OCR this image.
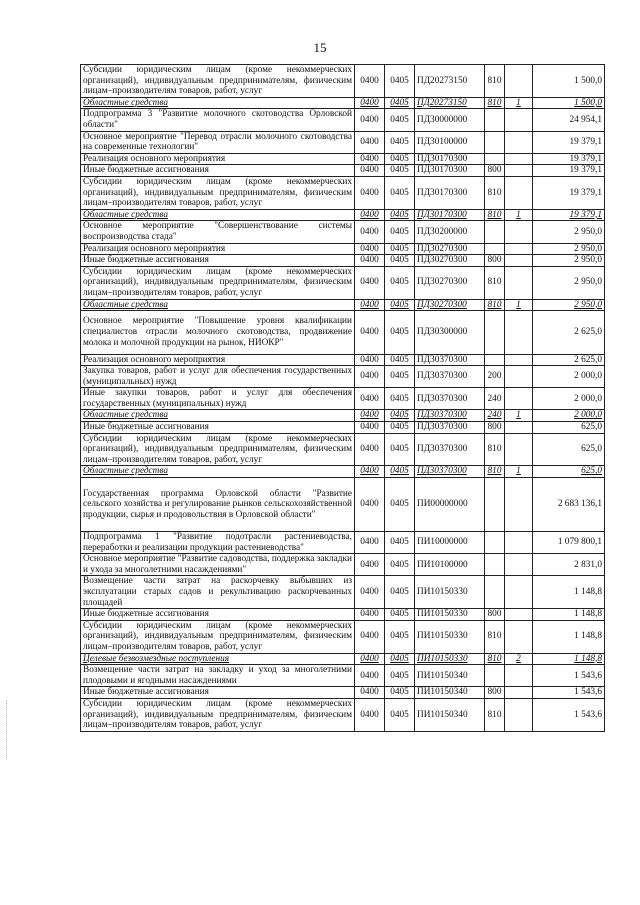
15
Субсидии юридическим лицам (кроме некоммерческих организаций), индивидуальным предпринимателям, физическим лицам–производителям товаров, работ, услуг	0400	0405	ПД20273150	810		1 500,0
Областные средства	0400	0405	ПД20273150	810	1	1 500,0
Подпрограмма 3 "Развитие молочного скотоводства Орловской области"	0400	0405	ПД30000000			24 954,1
Основное мероприятие "Перевод отрасли молочного скотоводства на современные технологии"	0400	0405	ПД30100000			19 379,1
Реализация основного мероприятия	0400	0405	ПД30170300			19 379,1
Иные бюджетные ассигнования	0400	0405	ПД30170300	800		19 379,1
Субсидии юридическим лицам (кроме некоммерческих организаций), индивидуальным предпринимателям, физическим лицам–производителям товаров, работ, услуг	0400	0405	ПД30170300	810		19 379,1
Областные средства	0400	0405	ПД30170300	810	1	19 379,1
Основное мероприятие "Совершенствование системы воспроизводства стада"	0400	0405	ПД30200000			2 950,0
Реализация основного мероприятия	0400	0405	ПД30270300			2 950,0
Иные бюджетные ассигнования	0400	0405	ПД30270300	800		2 950,0
Субсидии юридическим лицам (кроме некоммерческих организаций), индивидуальным предпринимателям, физическим лицам–производителям товаров, работ, услуг	0400	0405	ПД30270300	810		2 950,0
Областные средства	0400	0405	ПД30270300	810	1	2 950,0
Основное мероприятие "Повышение уровня квалификации специалистов отрасли молочного скотоводства, продвижение молока и молочной продукции на рынок, НИОКР"	0400	0405	ПД30300000			2 625,0
Реализация основного мероприятия	0400	0405	ПД30370300			2 625,0
Закупка товаров, работ и услуг для обеспечения государственных (муниципальных) нужд	0400	0405	ПД30370300	200		2 000,0
Иные закупки товаров, работ и услуг для обеспечения государственных (муниципальных) нужд	0400	0405	ПД30370300	240		2 000,0
Областные средства	0400	0405	ПД30370300	240	1	2 000,0
Иные бюджетные ассигнования	0400	0405	ПД30370300	800		625,0
Субсидии юридическим лицам (кроме некоммерческих организаций), индивидуальным предпринимателям, физическим лицам–производителям товаров, работ, услуг	0400	0405	ПД30370300	810		625,0
Областные средства	0400	0405	ПД30370300	810	1	625,0
Государственная программа Орловской области "Развитие сельского хозяйства и регулирование рынков сельскохозяйственной продукции, сырья и продовольствия в Орловской области"	0400	0405	ПИ00000000			2 683 136,1
Подпрограмма 1 "Развитие подотрасли растениеводства, переработки и реализации продукции растениеводства"	0400	0405	ПИ10000000			1 079 800,1
Основное мероприятие "Развитие садоводства, поддержка закладки и ухода за многолетними насаждениями"	0400	0405	ПИ10100000			2 831,0
Возмещение части затрат на раскорчевку выбывших из эксплуатации старых садов и рекультивацию раскорчеванных площадей	0400	0405	ПИ10150330			1 148,8
Иные бюджетные ассигнования	0400	0405	ПИ10150330	800		1 148,8
Субсидии юридическим лицам (кроме некоммерческих организаций), индивидуальным предпринимателям, физическим лицам–производителям товаров, работ, услуг	0400	0405	ПИ10150330	810		1 148,8
Целевые безвозмездные поступления	0400	0405	ПИ10150330	810	2	1 148,8
Возмещение части затрат на закладку и уход за многолетними плодовыми и ягодными насаждениями	0400	0405	ПИ10150340			1 543,6
Иные бюджетные ассигнования	0400	0405	ПИ10150340	800		1 543,6
Субсидии юридическим лицам (кроме некоммерческих организаций), индивидуальным предпринимателям, физическим лицам–производителям товаров, работ, услуг	0400	0405	ПИ10150340	810		1 543,6
